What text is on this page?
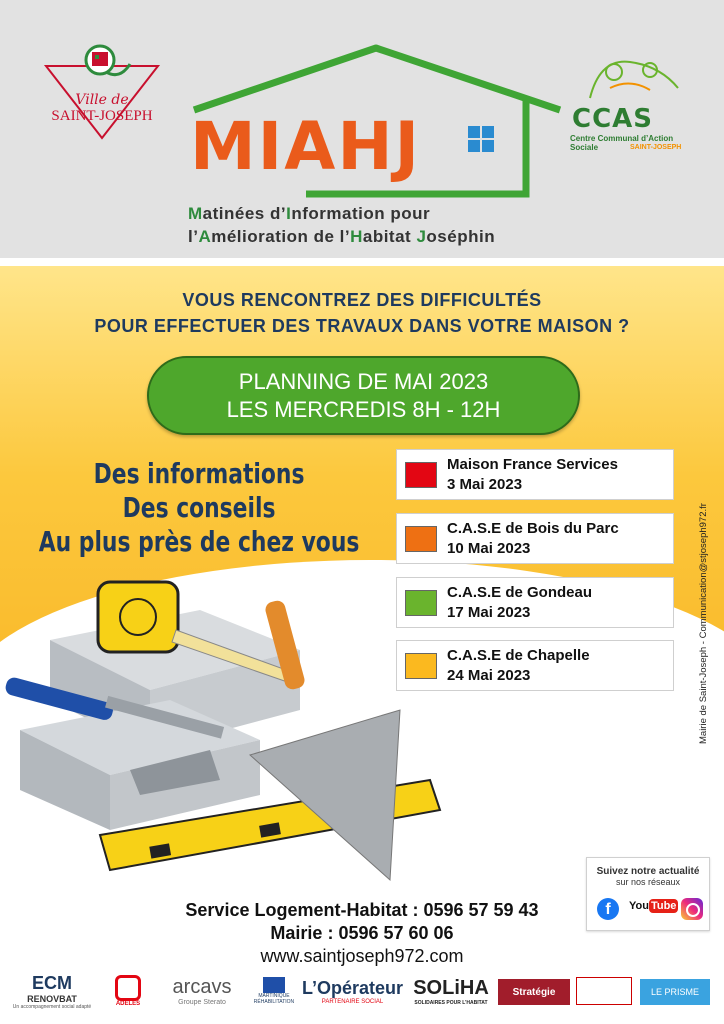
Ville de
SAINT-JOSEPH MIAHJ
Matinées d’Information pour
l’Amélioration de l’Habitat Joséphin
CCAS
Centre Communal d’Action Sociale	SAINT-JOSEPH
VOUS RENCONTREZ DES DIFFICULTÉS
POUR EFFECTUER DES TRAVAUX DANS VOTRE MAISON ?
PLANNING DE MAI 2023
LES MERCREDIS 8H - 12H
Des informations
Des conseils
Au plus près de chez vous
Maison France Services
3 Mai 2023
C.A.S.E de Bois du Parc
10 Mai 2023
C.A.S.E de Gondeau
17 Mai 2023
C.A.S.E de Chapelle
24 Mai 2023	Mairie de Saint-Joseph - Communication@stjoseph972.fr
Suivez notre actualité
sur nos réseaux
f	You Tube
Service Logement-Habitat : 0596 57 59 43
Mairie : 0596 57 60 06
www.saintjoseph972.com
ECM
RENOVBAT
Un accompagnement social adapté	ADELES
arcavs
Groupe Sterato
MARTINIQUE RÉHABILITATION
L’Opérateur
PARTENAIRE SOCIAL
SOLiHA
SOLIDAIRES POUR L’HABITAT
Stratégie	LE PRISME
